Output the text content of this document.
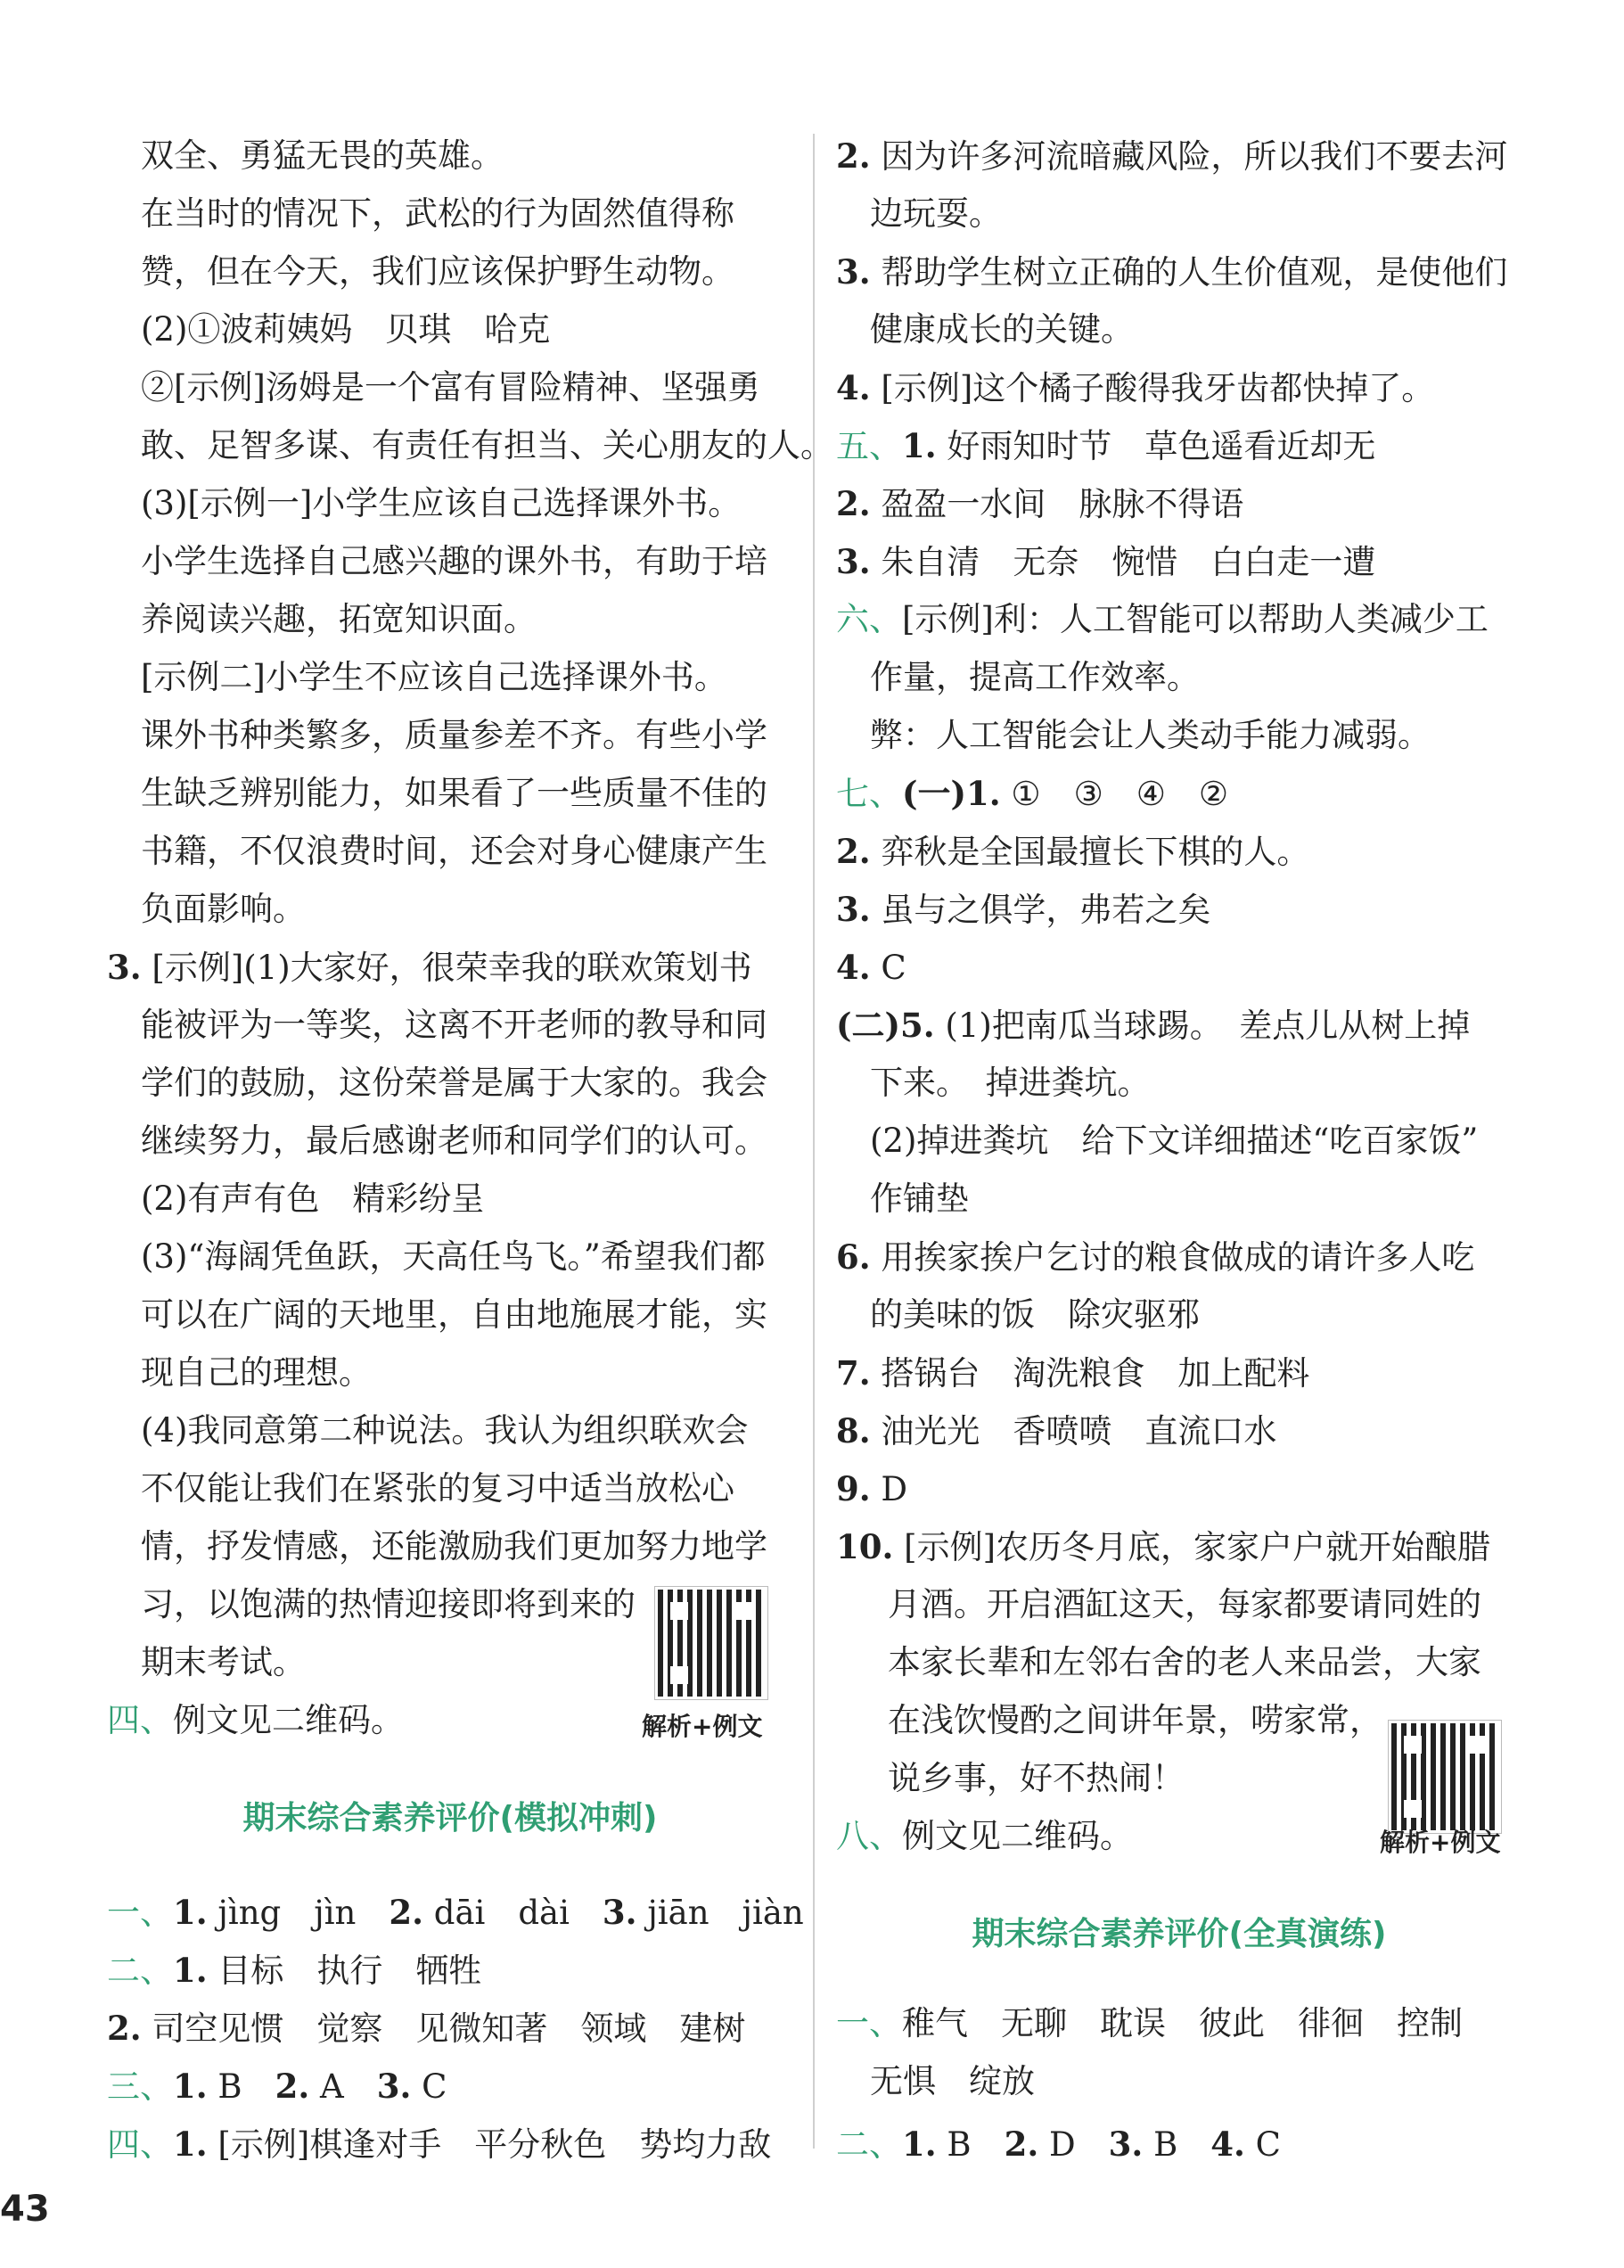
双全、勇猛无畏的英雄。
在当时的情况下，武松的行为固然值得称
赞，但在今天，我们应该保护野生动物。
(2)①波莉姨妈　贝琪　哈克
②[示例]汤姆是一个富有冒险精神、坚强勇
敢、足智多谋、有责任有担当、关心朋友的人。
(3)[示例一]小学生应该自己选择课外书。
小学生选择自己感兴趣的课外书，有助于培
养阅读兴趣，拓宽知识面。
[示例二]小学生不应该自己选择课外书。
课外书种类繁多，质量参差不齐。有些小学
生缺乏辨别能力，如果看了一些质量不佳的
书籍，不仅浪费时间，还会对身心健康产生
负面影响。
3. [示例](1)大家好，很荣幸我的联欢策划书
能被评为一等奖，这离不开老师的教导和同
学们的鼓励，这份荣誉是属于大家的。我会
继续努力，最后感谢老师和同学们的认可。
(2)有声有色　精彩纷呈
(3)“海阔凭鱼跃，天高任鸟飞。”希望我们都
可以在广阔的天地里，自由地施展才能，实
现自己的理想。
(4)我同意第二种说法。我认为组织联欢会
不仅能让我们在紧张的复习中适当放松心
情，抒发情感，还能激励我们更加努力地学
习，以饱满的热情迎接即将到来的
期末考试。
四、例文见二维码。	解析+例文
期末综合素养评价(模拟冲刺)
一、1. jìng　jìn　2. dāi　dài　3. jiān　jiàn
二、1. 目标　执行　牺牲
2. 司空见惯　觉察　见微知著　领域　建树
三、1. B　2. A　3. C
四、1. [示例]棋逢对手　平分秋色　势均力敌
2. 因为许多河流暗藏风险，所以我们不要去河
边玩耍。
3. 帮助学生树立正确的人生价值观，是使他们
健康成长的关键。
4. [示例]这个橘子酸得我牙齿都快掉了。
五、1. 好雨知时节　草色遥看近却无
2. 盈盈一水间　脉脉不得语
3. 朱自清　无奈　惋惜　白白走一遭
六、[示例]利：人工智能可以帮助人类减少工
作量，提高工作效率。
弊：人工智能会让人类动手能力减弱。
七、(一)1. ①　③　④　②
2. 弈秋是全国最擅长下棋的人。
3. 虽与之俱学，弗若之矣
4. C
(二)5. (1)把南瓜当球踢。　差点儿从树上掉
下来。　掉进粪坑。
(2)掉进粪坑　给下文详细描述“吃百家饭”
作铺垫
6. 用挨家挨户乞讨的粮食做成的请许多人吃
的美味的饭　除灾驱邪
7. 搭锅台　淘洗粮食　加上配料
8. 油光光　香喷喷　直流口水
9. D
10. [示例]农历冬月底，家家户户就开始酿腊
月酒。开启酒缸这天，每家都要请同姓的
本家长辈和左邻右舍的老人来品尝，大家
在浅饮慢酌之间讲年景，唠家常，
说乡事，好不热闹！
八、例文见二维码。	解析+例文
期末综合素养评价(全真演练)
一、稚气　无聊　耽误　彼此　徘徊　控制
无惧　绽放
二、1. B　2. D　3. B　4. C
43
